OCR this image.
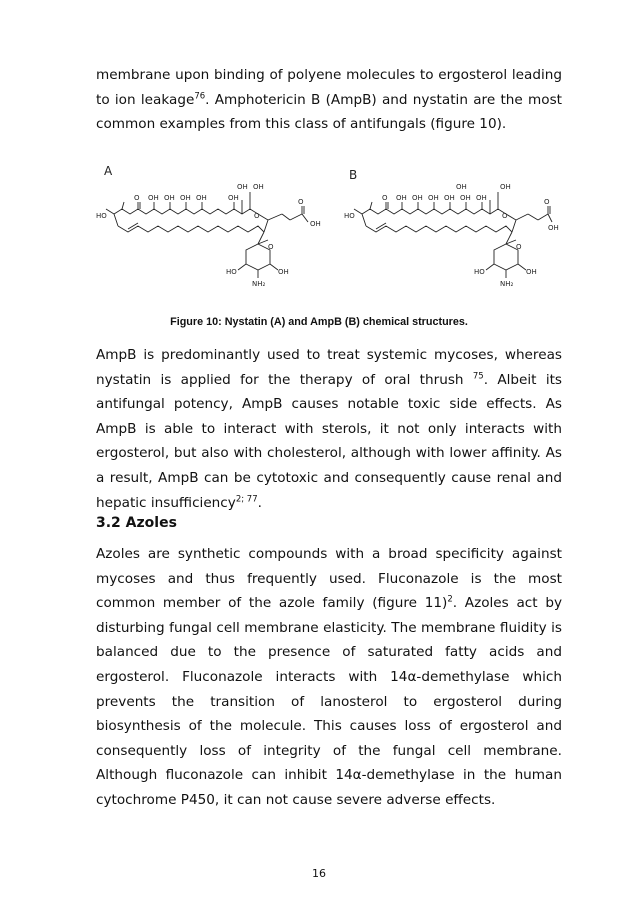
membrane upon binding of polyene molecules to ergosterol leading to ion leakage$^{76}$. Amphotericin B (AmpB) and nystatin are the most common examples from this class of antifungals (figure 10).

A	B
HO
O OH OH OH OH	OH
OH OH
O
O
OH
O
HO
NH₂
OH
HO
O OH OH OH OH OH OH
OH	OH
O
O
OH
O
HO
NH₂
OH
Figure 10: Nystatin (A) and AmpB (B) chemical structures.

AmpB is predominantly used to treat systemic mycoses, whereas nystatin is applied for the therapy of oral thrush $^{75}$. Albeit its antifungal potency, AmpB causes notable toxic side effects. As AmpB is able to interact with sterols, it not only interacts with ergosterol, but also with cholesterol, although with lower affinity. As a result, AmpB can be cytotoxic and consequently cause renal and hepatic insufficiency$^{2; 77}$.

3.2 Azoles

Azoles are synthetic compounds with a broad specificity against mycoses and thus frequently used. Fluconazole is the most common member of the azole family (figure 11)$^2$. Azoles act by disturbing fungal cell membrane elasticity. The membrane fluidity is balanced due to the presence of saturated fatty acids and ergosterol. Fluconazole interacts with 14α-demethylase which prevents the transition of lanosterol to ergosterol during biosynthesis of the molecule. This causes loss of ergosterol and consequently loss of integrity of the fungal cell membrane. Although fluconazole can inhibit 14α-demethylase in the human cytochrome P450, it can not cause severe adverse effects.

16
